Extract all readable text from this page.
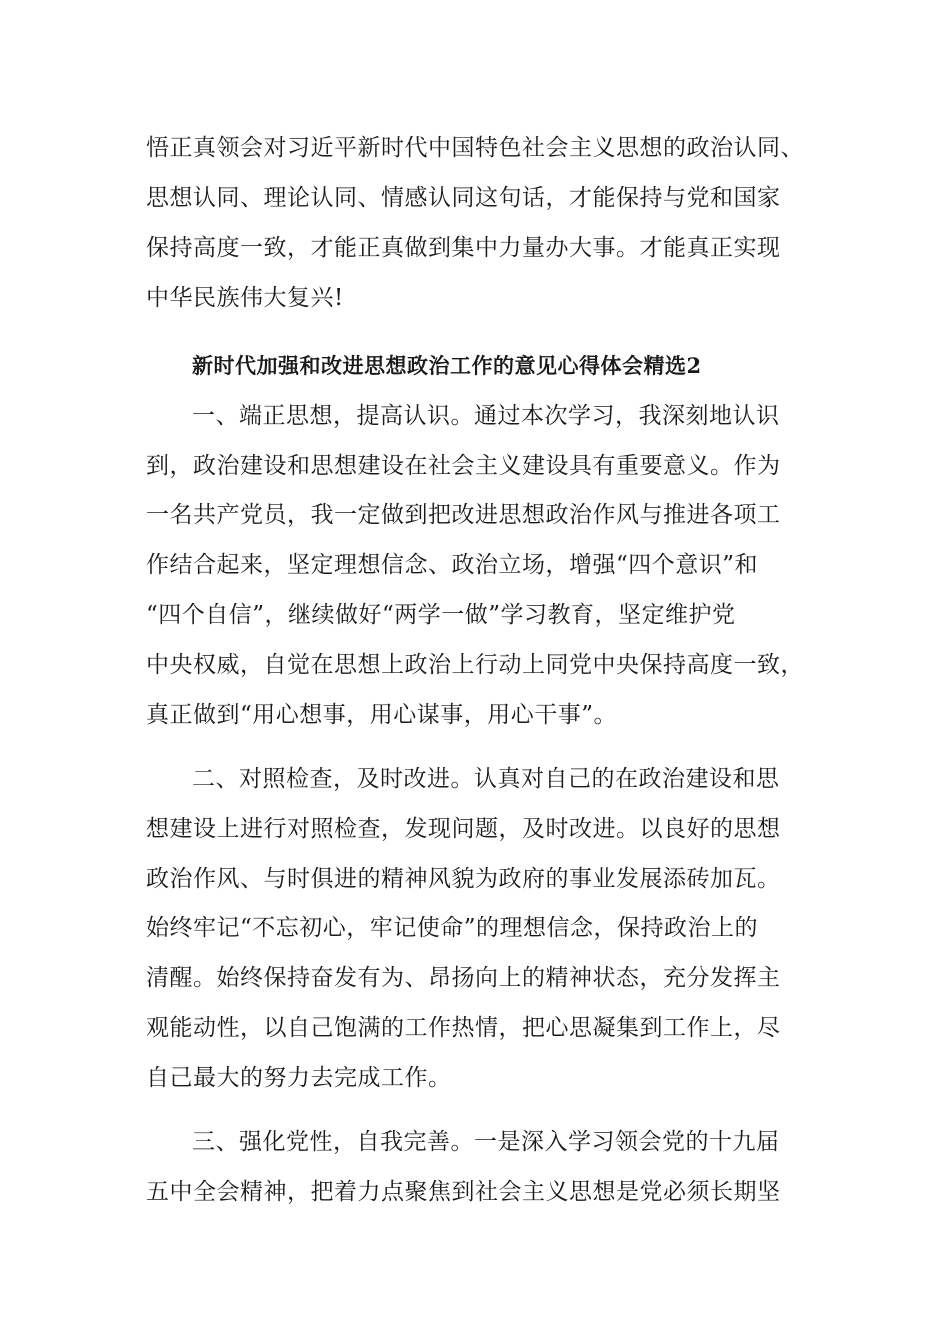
悟正真领会对习近平新时代中国特色社会主义思想的政治认同、
思想认同、理论认同、情感认同这句话，才能保持与党和国家
保持高度一致，才能正真做到集中力量办大事。才能真正实现
中华民族伟大复兴!
新时代加强和改进思想政治工作的意见心得体会精选2
一、端正思想，提高认识。通过本次学习，我深刻地认识
到，政治建设和思想建设在社会主义建设具有重要意义。作为
一名共产党员，我一定做到把改进思想政治作风与推进各项工
作结合起来，坚定理想信念、政治立场，增强“四个意识”和
“四个自信”，继续做好“两学一做”学习教育，坚定维护党
中央权威，自觉在思想上政治上行动上同党中央保持高度一致，
真正做到“用心想事，用心谋事，用心干事”。
二、对照检查，及时改进。认真对自己的在政治建设和思
想建设上进行对照检查，发现问题，及时改进。以良好的思想
政治作风、与时俱进的精神风貌为政府的事业发展添砖加瓦。
始终牢记“不忘初心，牢记使命”的理想信念，保持政治上的
清醒。始终保持奋发有为、昂扬向上的精神状态，充分发挥主
观能动性，以自己饱满的工作热情，把心思凝集到工作上，尽
自己最大的努力去完成工作。
三、强化党性，自我完善。一是深入学习领会党的十九届
五中全会精神，把着力点聚焦到社会主义思想是党必须长期坚
